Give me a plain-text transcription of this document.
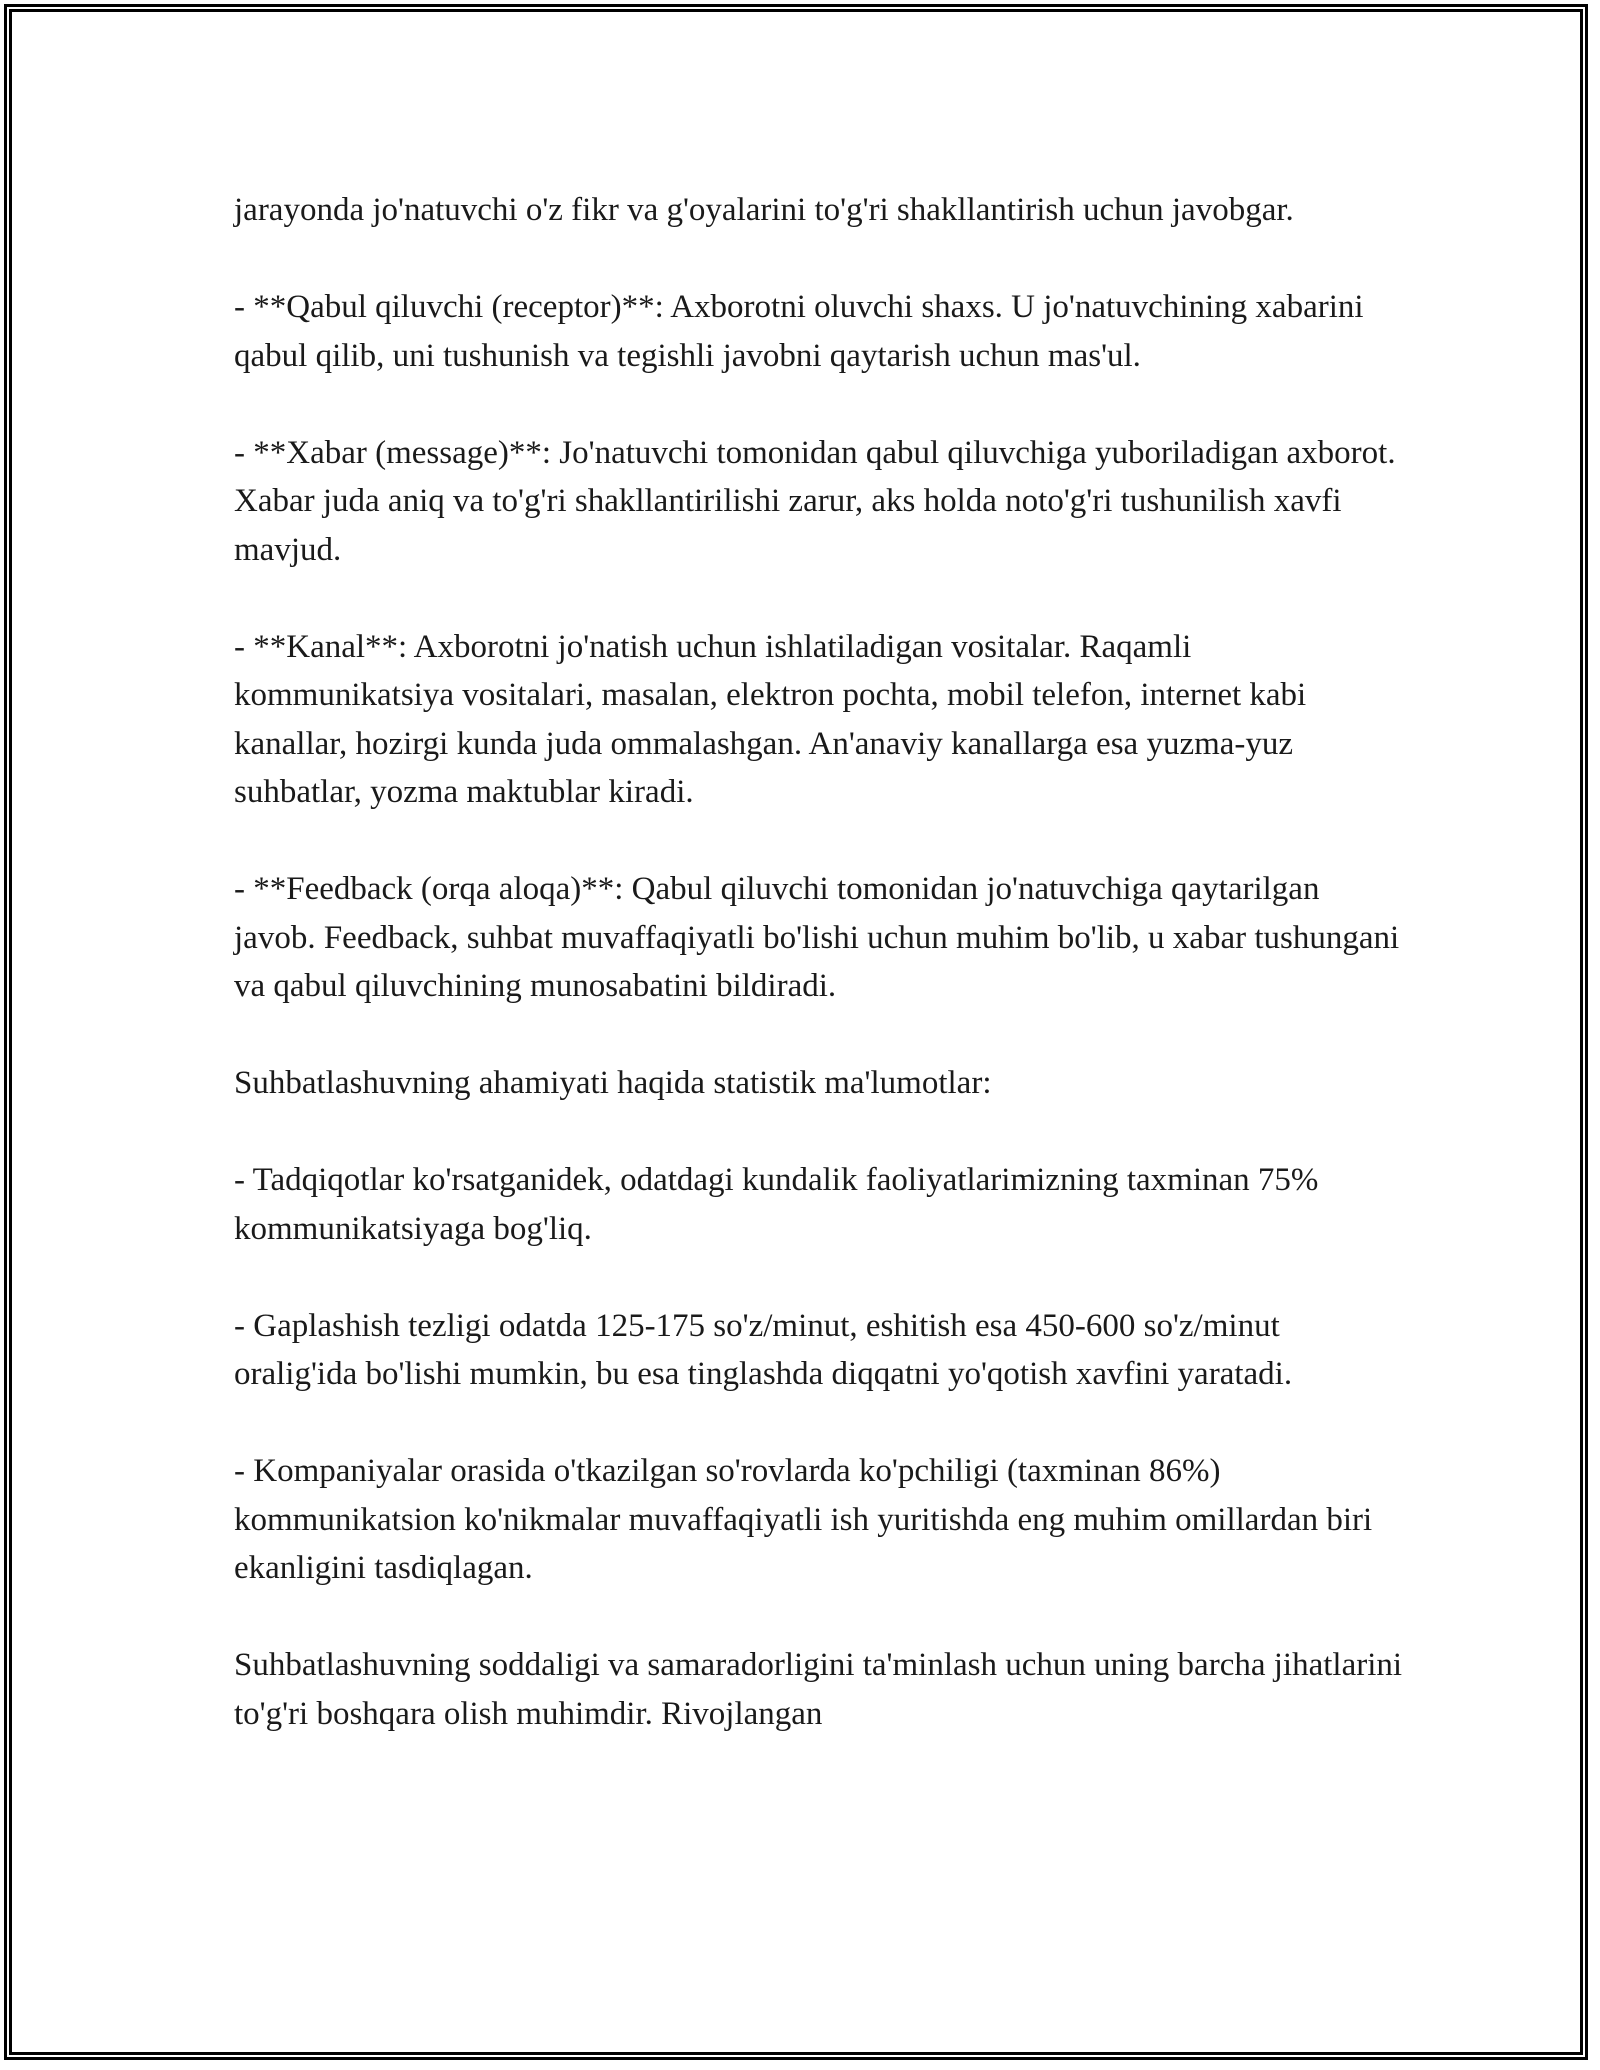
jarayonda jo'natuvchi o'z fikr va g'oyalarini to'g'ri shakllantirish uchun javobgar.

- **Qabul qiluvchi (receptor)**: Axborotni oluvchi shaxs. U jo'natuvchining xabarini qabul qilib, uni tushunish va tegishli javobni qaytarish uchun mas'ul.

- **Xabar (message)**: Jo'natuvchi tomonidan qabul qiluvchiga yuboriladigan axborot. Xabar juda aniq va to'g'ri shakllantirilishi zarur, aks holda noto'g'ri tushunilish xavfi mavjud.

- **Kanal**: Axborotni jo'natish uchun ishlatiladigan vositalar. Raqamli kommunikatsiya vositalari, masalan, elektron pochta, mobil telefon, internet kabi kanallar, hozirgi kunda juda ommalashgan. An'anaviy kanallarga esa yuzma-yuz suhbatlar, yozma maktublar kiradi.

- **Feedback (orqa aloqa)**: Qabul qiluvchi tomonidan jo'natuvchiga qaytarilgan javob. Feedback, suhbat muvaffaqiyatli bo'lishi uchun muhim bo'lib, u xabar tushungani va qabul qiluvchining munosabatini bildiradi.

Suhbatlashuvning ahamiyati haqida statistik ma'lumotlar:

- Tadqiqotlar ko'rsatganidek, odatdagi kundalik faoliyatlarimizning taxminan 75% kommunikatsiyaga bog'liq.

- Gaplashish tezligi odatda 125-175 so'z/minut, eshitish esa 450-600 so'z/minut oralig'ida bo'lishi mumkin, bu esa tinglashda diqqatni yo'qotish xavfini yaratadi.

- Kompaniyalar orasida o'tkazilgan so'rovlarda ko'pchiligi (taxminan 86%) kommunikatsion ko'nikmalar muvaffaqiyatli ish yuritishda eng muhim omillardan biri ekanligini tasdiqlagan.

Suhbatlashuvning soddaligi va samaradorligini ta'minlash uchun uning barcha jihatlarini to'g'ri boshqara olish muhimdir. Rivojlangan
